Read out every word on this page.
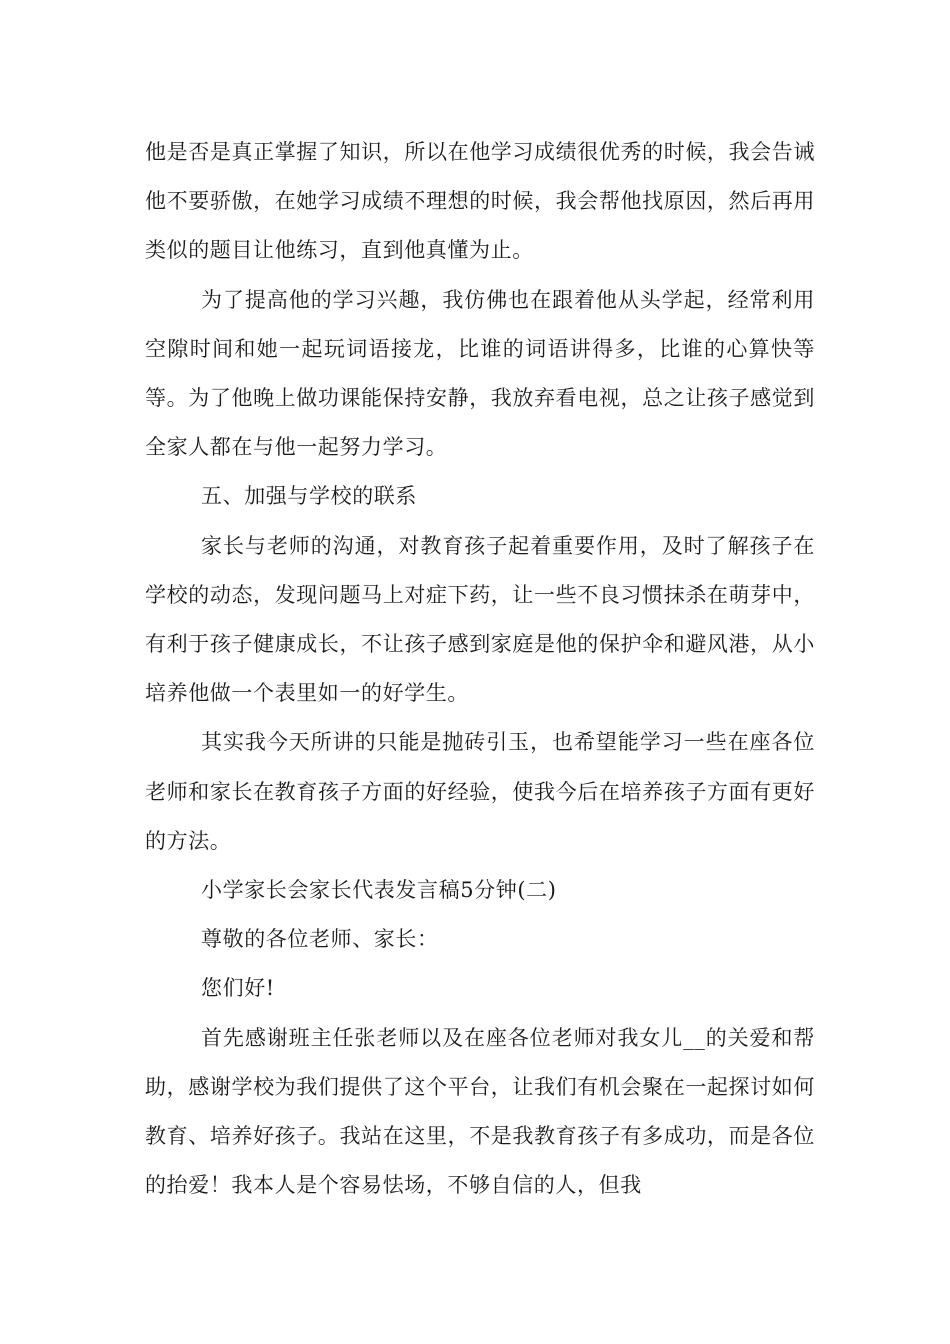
他是否是真正掌握了知识，所以在他学习成绩很优秀的时候，我会告诫他不要骄傲，在她学习成绩不理想的时候，我会帮他找原因，然后再用类似的题目让他练习，直到他真懂为止。

为了提高他的学习兴趣，我仿佛也在跟着他从头学起，经常利用空隙时间和她一起玩词语接龙，比谁的词语讲得多，比谁的心算快等等。为了他晚上做功课能保持安静，我放弃看电视，总之让孩子感觉到全家人都在与他一起努力学习。

五、加强与学校的联系

家长与老师的沟通，对教育孩子起着重要作用，及时了解孩子在学校的动态，发现问题马上对症下药，让一些不良习惯抹杀在萌芽中，有利于孩子健康成长，不让孩子感到家庭是他的保护伞和避风港，从小培养他做一个表里如一的好学生。

其实我今天所讲的只能是抛砖引玉，也希望能学习一些在座各位老师和家长在教育孩子方面的好经验，使我今后在培养孩子方面有更好的方法。

小学家长会家长代表发言稿5分钟(二)

尊敬的各位老师、家长：

您们好!

首先感谢班主任张老师以及在座各位老师对我女儿__的关爱和帮助，感谢学校为我们提供了这个平台，让我们有机会聚在一起探讨如何教育、培养好孩子。我站在这里，不是我教育孩子有多成功，而是各位的抬爱！我本人是个容易怯场，不够自信的人，但我
